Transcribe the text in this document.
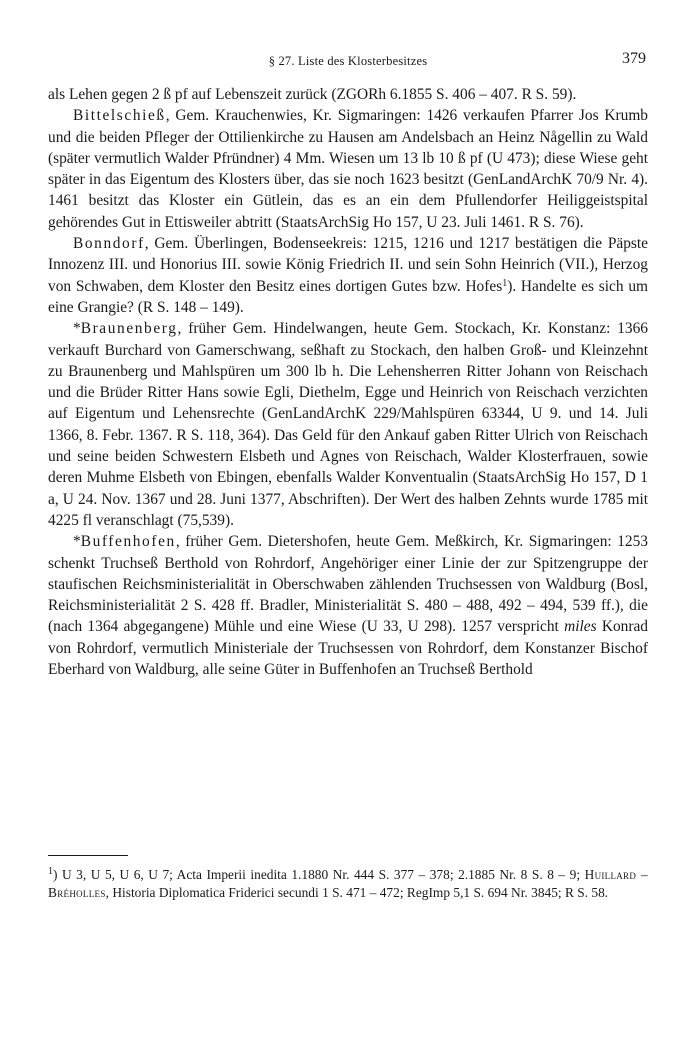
§ 27. Liste des Klosterbesitzes	379

als Lehen gegen 2 ß pf auf Lebenszeit zurück (ZGORh 6.1855 S. 406 – 407. R S. 59).

Bittelschieß, Gem. Krauchenwies, Kr. Sigmaringen: 1426 verkaufen Pfarrer Jos Krumb und die beiden Pfleger der Ottilienkirche zu Hausen am Andelsbach an Heinz Någellin zu Wald (später vermutlich Walder Pfründner) 4 Mm. Wiesen um 13 lb 10 ß pf (U 473); diese Wiese geht später in das Eigentum des Klosters über, das sie noch 1623 besitzt (GenLandArchK 70/9 Nr. 4). 1461 besitzt das Kloster ein Gütlein, das es an ein dem Pfullendorfer Heiliggeistspital gehörendes Gut in Ettisweiler abtritt (StaatsArchSig Ho 157, U 23. Juli 1461. R S. 76).

Bonndorf, Gem. Überlingen, Bodenseekreis: 1215, 1216 und 1217 bestätigen die Päpste Innozenz III. und Honorius III. sowie König Friedrich II. und sein Sohn Heinrich (VII.), Herzog von Schwaben, dem Kloster den Besitz eines dortigen Gutes bzw. Hofes$^1$). Handelte es sich um eine Grangie? (R S. 148 – 149).

*Braunenberg, früher Gem. Hindelwangen, heute Gem. Stockach, Kr. Konstanz: 1366 verkauft Burchard von Gamerschwang, seßhaft zu Stockach, den halben Groß- und Kleinzehnt zu Braunenberg und Mahlspüren um 300 lb h. Die Lehensherren Ritter Johann von Reischach und die Brüder Ritter Hans sowie Egli, Diethelm, Egge und Heinrich von Reischach verzichten auf Eigentum und Lehensrechte (GenLandArchK 229/Mahlspüren 63344, U 9. und 14. Juli 1366, 8. Febr. 1367. R S. 118, 364). Das Geld für den Ankauf gaben Ritter Ulrich von Reischach und seine beiden Schwestern Elsbeth und Agnes von Reischach, Walder Klosterfrauen, sowie deren Muhme Elsbeth von Ebingen, ebenfalls Walder Konventualin (StaatsArchSig Ho 157, D 1 a, U 24. Nov. 1367 und 28. Juni 1377, Abschriften). Der Wert des halben Zehnts wurde 1785 mit 4225 fl veranschlagt (75,539).

*Buffenhofen, früher Gem. Dietershofen, heute Gem. Meßkirch, Kr. Sigmaringen: 1253 schenkt Truchseß Berthold von Rohrdorf, Angehöriger einer Linie der zur Spitzengruppe der staufischen Reichsministerialität in Oberschwaben zählenden Truchsessen von Waldburg (Bosl, Reichsministerialität 2 S. 428 ff. Bradler, Ministerialität S. 480 – 488, 492 – 494, 539 ff.), die (nach 1364 abgegangene) Mühle und eine Wiese (U 33, U 298). 1257 verspricht miles Konrad von Rohrdorf, vermutlich Ministeriale der Truchsessen von Rohrdorf, dem Konstanzer Bischof Eberhard von Waldburg, alle seine Güter in Buffenhofen an Truchseß Berthold

$^1$) U 3, U 5, U 6, U 7; Acta Imperii inedita 1.1880 Nr. 444 S. 377 – 378; 2.1885 Nr. 8 S. 8 – 9; Huillard – Bréholles, Historia Diplomatica Friderici secundi 1 S. 471 – 472; RegImp 5,1 S. 694 Nr. 3845; R S. 58.
